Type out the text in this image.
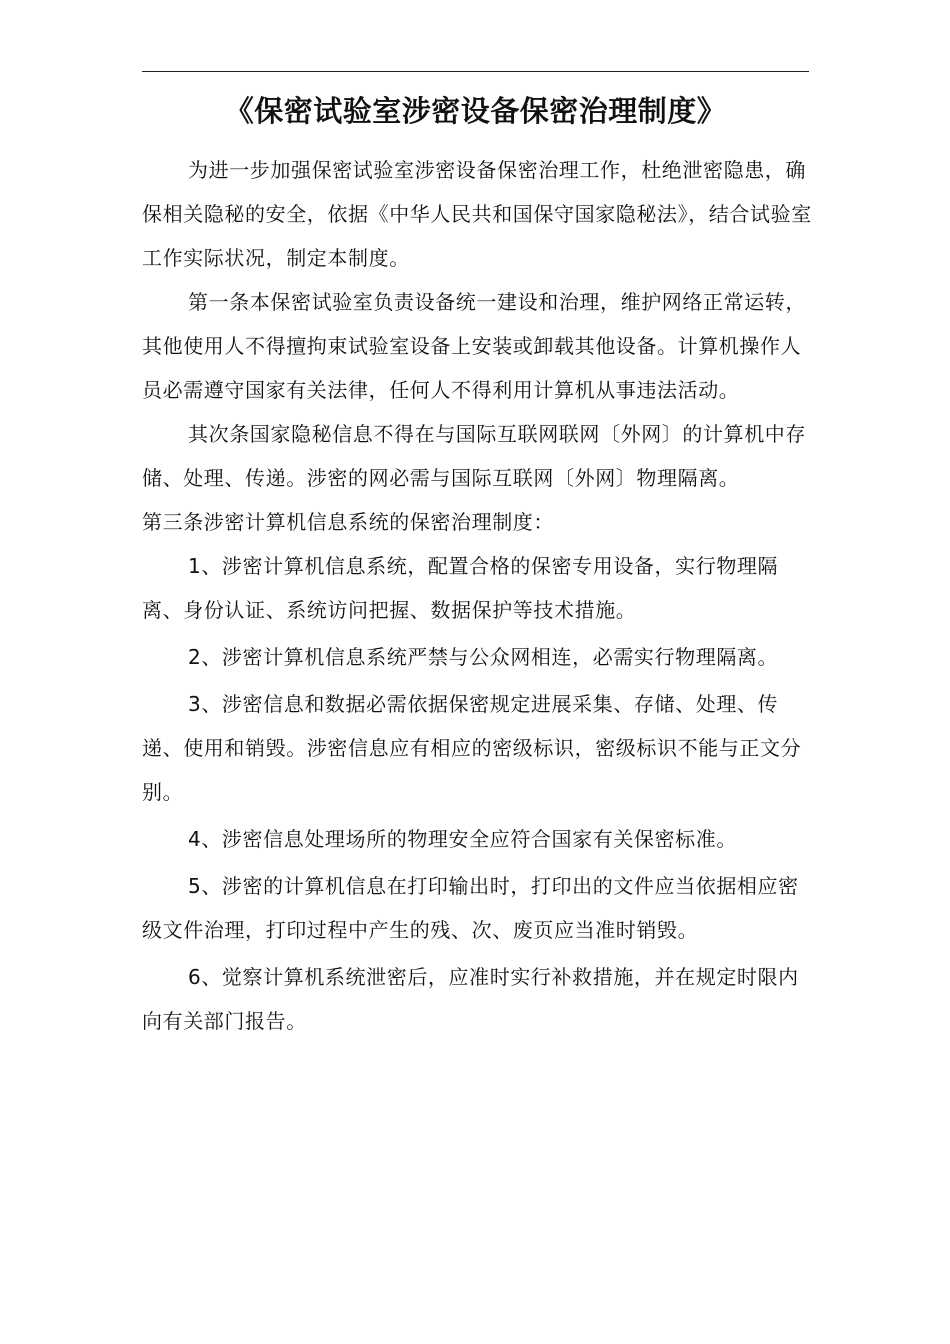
《保密试验室涉密设备保密治理制度》

为进一步加强保密试验室涉密设备保密治理工作，杜绝泄密隐患，确保相关隐秘的安全，依据《中华人民共和国保守国家隐秘法》，结合试验室工作实际状况，制定本制度。

第一条本保密试验室负责设备统一建设和治理，维护网络正常运转，其他使用人不得擅拘束试验室设备上安装或卸载其他设备。计算机操作人员必需遵守国家有关法律，任何人不得利用计算机从事违法活动。

其次条国家隐秘信息不得在与国际互联网联网〔外网〕的计算机中存储、处理、传递。涉密的网必需与国际互联网〔外网〕物理隔离。

第三条涉密计算机信息系统的保密治理制度：

1、涉密计算机信息系统，配置合格的保密专用设备，实行物理隔离、身份认证、系统访问把握、数据保护等技术措施。

2、涉密计算机信息系统严禁与公众网相连，必需实行物理隔离。

3、涉密信息和数据必需依据保密规定进展采集、存储、处理、传递、使用和销毁。涉密信息应有相应的密级标识，密级标识不能与正文分别。

4、涉密信息处理场所的物理安全应符合国家有关保密标准。

5、涉密的计算机信息在打印输出时，打印出的文件应当依据相应密级文件治理，打印过程中产生的残、次、废页应当准时销毁。

6、觉察计算机系统泄密后，应准时实行补救措施，并在规定时限内向有关部门报告。
